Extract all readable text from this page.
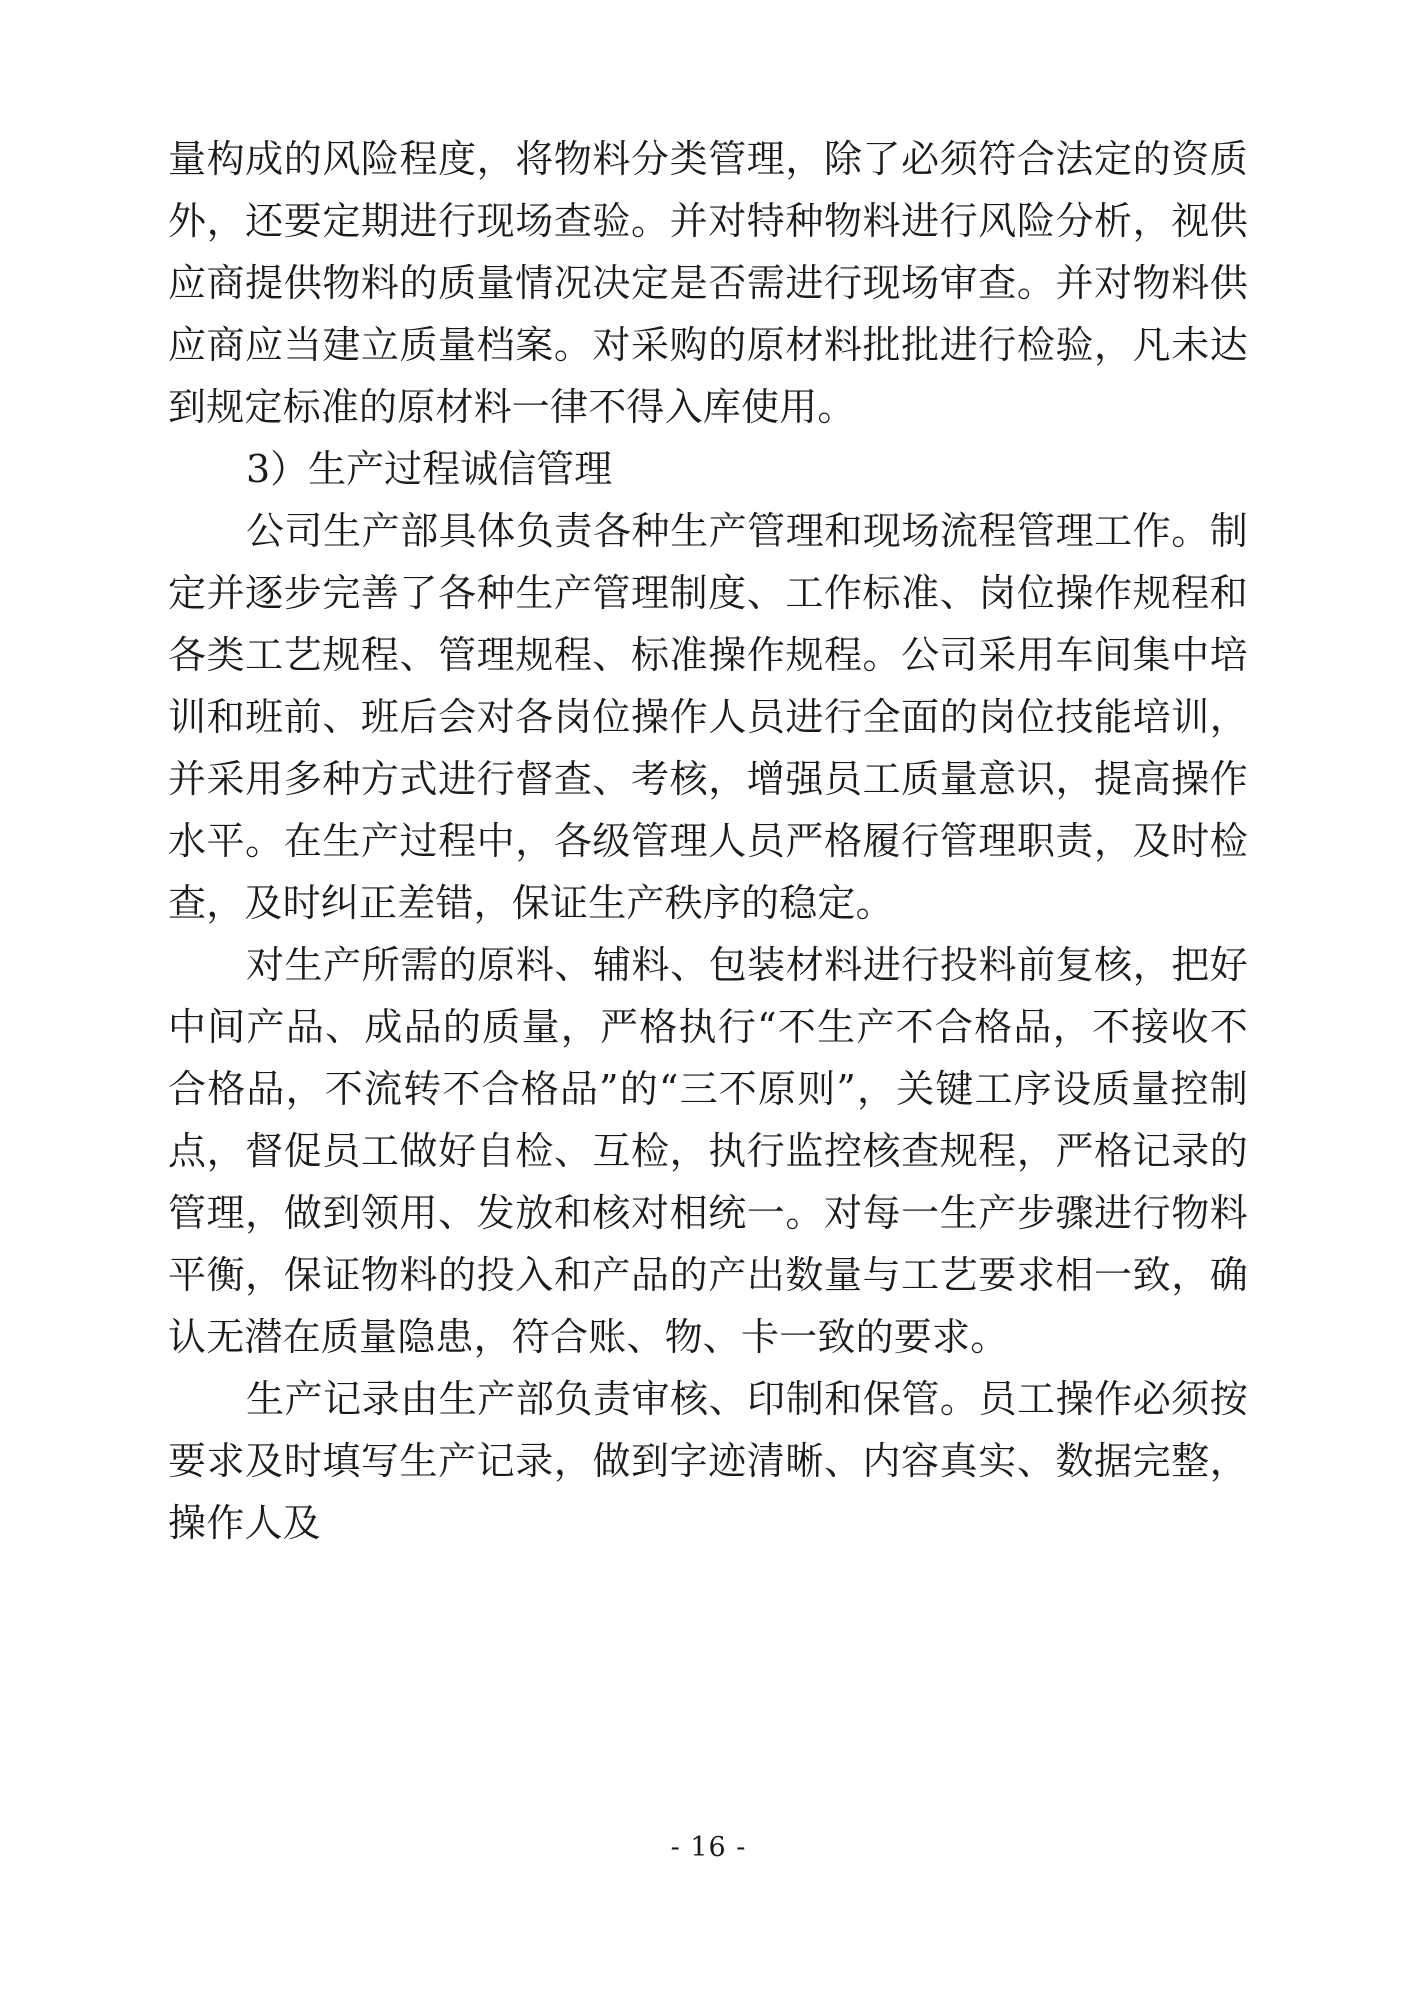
量构成的风险程度，将物料分类管理，除了必须符合法定的资质外，还要定期进行现场查验。并对特种物料进行风险分析，视供应商提供物料的质量情况决定是否需进行现场审查。并对物料供应商应当建立质量档案。对采购的原材料批批进行检验，凡未达到规定标准的原材料一律不得入库使用。

3）生产过程诚信管理

公司生产部具体负责各种生产管理和现场流程管理工作。制定并逐步完善了各种生产管理制度、工作标准、岗位操作规程和各类工艺规程、管理规程、标准操作规程。公司采用车间集中培训和班前、班后会对各岗位操作人员进行全面的岗位技能培训，并采用多种方式进行督查、考核，增强员工质量意识，提高操作水平。在生产过程中，各级管理人员严格履行管理职责，及时检查，及时纠正差错，保证生产秩序的稳定。

对生产所需的原料、辅料、包装材料进行投料前复核，把好中间产品、成品的质量，严格执行“不生产不合格品，不接收不合格品，不流转不合格品”的“三不原则”，关键工序设质量控制点，督促员工做好自检、互检，执行监控核查规程，严格记录的管理，做到领用、发放和核对相统一。对每一生产步骤进行物料平衡，保证物料的投入和产品的产出数量与工艺要求相一致，确认无潜在质量隐患，符合账、物、卡一致的要求。

生产记录由生产部负责审核、印制和保管。员工操作必须按要求及时填写生产记录，做到字迹清晰、内容真实、数据完整，操作人及

- 16 -
